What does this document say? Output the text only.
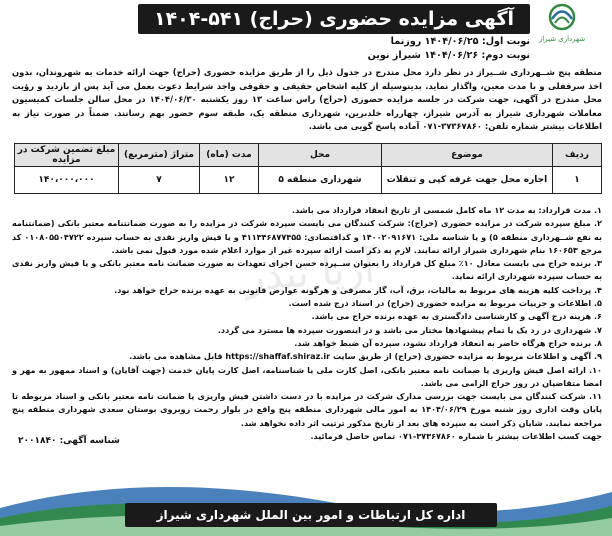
آریا تندر
آگهی مزایده حضوری (حراج) ۵۴۱-۱۴۰۴
شهرداری شیراز
نوبت اول: ۱۴۰۴/۰۶/۲۵ روزنما
نوبت دوم: ۱۴۰۴/۰۶/۲۶ شیراز نوین
منطقه پنج شــهرداری شــیراز در نظر دارد محل مندرج در جدول ذیل را از طریق مزایده حضوری (حراج) جهت ارائه خدمات به شهروندان، بدون اخذ سرقفلی و با مدت معین، واگذار نماید. بدینوسیله از کلیه اشخاص حقیقی و حقوقی واجد شرایط دعوت بعمل می آید پس از بازدید و رؤیت محل مندرج در آگهی، جهت شرکت در جلسه مزایده حضوری (حراج) راس ساعت ۱۳ روز یکشنبه ۱۴۰۴/۰۶/۳۰ در محل سالن جلسات کمیسیون معاملات شهرداری شیراز به آدرس شیراز، چهارراه خلدبرین، شهرداری منطقه یک، طبقه سوم حضور بهم رسانند. ضمناً در صورت نیاز به اطلاعات بیشتر شماره تلفن: ۳۷۳۶۷۸۶۰-۰۷۱ آماده پاسخ گویی می باشد.
ردیف	موضوع	محل	مدت (ماه)	متراژ (مترمربع)	مبلغ تضمین شرکت در مزایده
۱	اجاره محل جهت غرفه کپی و تنقلات	شهرداری منطقه ۵	۱۲	۷	۱۴۰،۰۰۰،۰۰۰

۱. مدت قرارداد: به مدت ۱۲ ماه کامل شمسی از تاریخ انعقاد قرارداد می باشد.

۲. مبلغ سپرده شرکت در مزایده حضوری (حراج): شرکت کنندگان می بایست سپرده شرکت در مزایده را به صورت ضمانتنامه معتبر بانکی (ضمانتنامه به نفع شــهرداری منطقه ۵) و یا شناسه ملی: ۱۴۰۰۲۰۹۱۶۷۱ و کداقتصادی: ۴۱۱۳۴۶۸۷۷۴۵۵ و یا فیش واریز نقدی به حساب سپرده ۰۱۰۸۰۵۵۰۴۷۲۲ کد مرجع ۱۶۰۶۵۳ بنام شهرداری شیراز ارائه نمایند. لازم به ذکر است ارائه سپرده غیر از موارد اعلام شده مورد قبول نمی باشد.

۳. برنده حراج می بایست معادل ۱۰٪ مبلغ کل قرارداد را بعنوان ســپرده حسن اجرای تعهدات به صورت ضمانت نامه معتبر بانکی و یا فیش واریز نقدی به حساب سپرده شهرداری ارائه نماید.

۴. پرداخت کلیه هزینه های مربوط به مالیات، برق، آب، گاز مصرفی و هرگونه عوارض قانونی به عهده برنده حراج خواهد بود.

۵. اطلاعات و جزییات مربوط به مزایده حضوری (حراج) در اسناد درج شده است.

۶. هزینه درج آگهی و کارشناسی دادگستری به عهده برنده حراج می باشد.

۷. شهرداری در رد یک یا تمام پیشنهادها مختار می باشد و در اینصورت سپرده ها مسترد می گردد.

۸. برنده حراج هرگاه حاضر به انعقاد قرارداد نشود، سپرده آن ضبط خواهد شد.

۹. آگهی و اطلاعات مربوط به مزایده حضوری (حراج) از طریق سایت https://shaffaf.shiraz.ir قابل مشاهده می باشد.

۱۰. ارائه اصل فیش واریزی یا ضمانت نامه معتبر بانکی، اصل کارت ملی یا شناسنامه، اصل کارت پایان خدمت (جهت آقایان) و اسناد ممهور به مهر و امضا متقاضیان در روز حراج الزامی می باشد.

۱۱. شرکت کنندگان می بایست جهت بررسی مدارک شرکت در مزایده با در دست داشتن فیش واریزی یا ضمانت نامه معتبر بانکی و اسناد مربوطه تا پایان وقت اداری روز شنبه مورخ ۱۴۰۴/۰۶/۲۹ به امور مالی شهرداری منطقه پنج واقع در بلوار رحمت روبروی بوستان سعدی شهرداری منطقه پنج مراجعه نمایند. شایان ذکر است به سپرده های بعد از تاریخ مذکور ترتیب اثر داده نخواهد شد.

جهت کسب اطلاعات بیشتر با شماره ۳۷۳۶۷۸۶۰-۰۷۱ تماس حاصل فرمائید.

شناسه آگهی: ۲۰۰۱۸۴۰
اداره کل ارتباطات و امور بین الملل شهرداری شیراز
